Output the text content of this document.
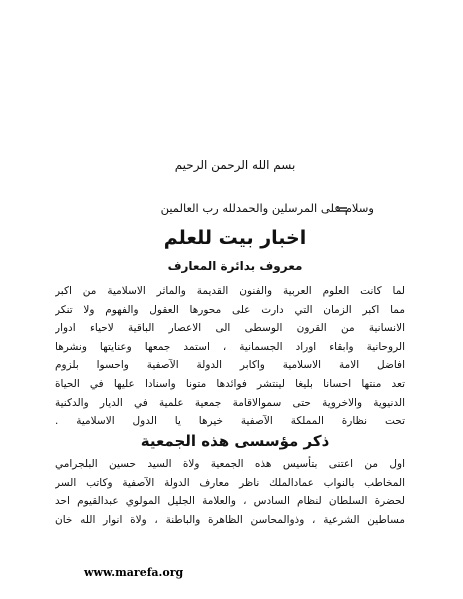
بسم الله الرحمن الرحيم
وسلام على المرسلين والحمدلله رب العالمين
اخبار بيت للعلم
معروف بدائرة المعارف
لما كانت العلوم العربية والفنون القديمة والماثر الاسلامية من اكبر
مما اكبر الزمان التي دارت على محورها العقول والفهوم ولا تنكر
الانسانية من القرون الوسطى الى الاعصار الباقية لاحياء ادوار
الروحانية وابقاء اوراد الجسمانية ، استمد جمعها وعنايتها ونشرها
افاضل الامة الاسلامية واكابر الدولة الآصفية واحسوا بلزوم
تعد منتها احسانا بليغا لينتشر فوائدها متونا واسنادا عليها في الحياة
الدنيوية والاخروية حتى سموالاقامة جمعية علمية في الديار والدكنية
تحت نظارة المملكة الآصفية خيرها يا الدول الاسلامية .
ذكر مؤسسى هذه الجمعية
اول من اعتنى بتأسيس هذه الجمعية ولاة السيد حسين البلجرامي
المخاطب بالنواب عمادالملك ناظر معارف الدولة الآصفية وكاتب السر
لحضرة السلطان لنظام السادس ، والعلامة الجليل المولوي عبدالقيوم احد
مساطين الشرعية ، وذوالمحاسن الظاهرة والباطنة ، ولاة انوار الله خان
www.marefa.org
